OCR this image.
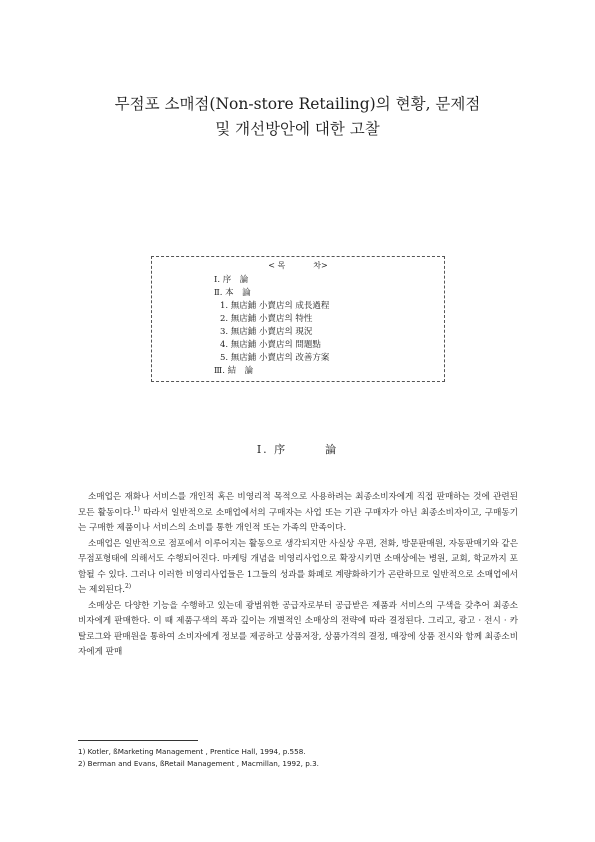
무점포 소매점(Non-store Retailing)의 현황, 문제점
및 개선방안에 대한 고찰
< 목	차>
Ⅰ. 序　論
Ⅱ. 本　論
1. 無店鋪 小賣店의 成長過程
2. 無店鋪 小賣店의 特性
3. 無店鋪 小賣店의 現況
4. 無店鋪 小賣店의 問題點
5. 無店鋪 小賣店의 改善方案
Ⅲ. 結　論
Ⅰ. 序	論

소매업은 재화나 서비스를 개인적 혹은 비영리적 목적으로 사용하려는 최종소비자에게 직접 판매하는 것에 관련된 모든 활동이다.$^{1)}$ 따라서 일반적으로 소매업에서의 구매자는 사업 또는 기관 구매자가 아닌 최종소비자이고, 구매동기는 구매한 제품이나 서비스의 소비를 통한 개인적 또는 가족의 만족이다.

소매업은 일반적으로 점포에서 이루어지는 활동으로 생각되지만 사실상 우편, 전화, 방문판매원, 자동판매기와 같은 무점포형태에 의해서도 수행되어진다. 마케팅 개념을 비영리사업으로 확장시키면 소매상에는 병원, 교회, 학교까지 포함될 수 있다. 그러나 이러한 비영리사업들은 1그들의 성과를 화폐로 계량화하기가 곤란하므로 일반적으로 소매업에서는 제외된다.$^{2)}$

소매상은 다양한 기능을 수행하고 있는데 광범위한 공급자로부터 공급받은 제품과 서비스의 구색을 갖추어 최종소비자에게 판매한다. 이 때 제품구색의 폭과 깊이는 개별적인 소매상의 전략에 따라 결정된다. 그리고, 광고 · 전시 · 카탈로그와 판매원을 통하여 소비자에게 정보를 제공하고 상품저장, 상품가격의 결정, 매장에 상품 전시와 함께 최종소비자에게 판매

1) Kotler, ßMarketing Management , Prentice Hall, 1994, p.558.
2) Berman and Evans, ßRetail Management , Macmillan, 1992, p.3.
